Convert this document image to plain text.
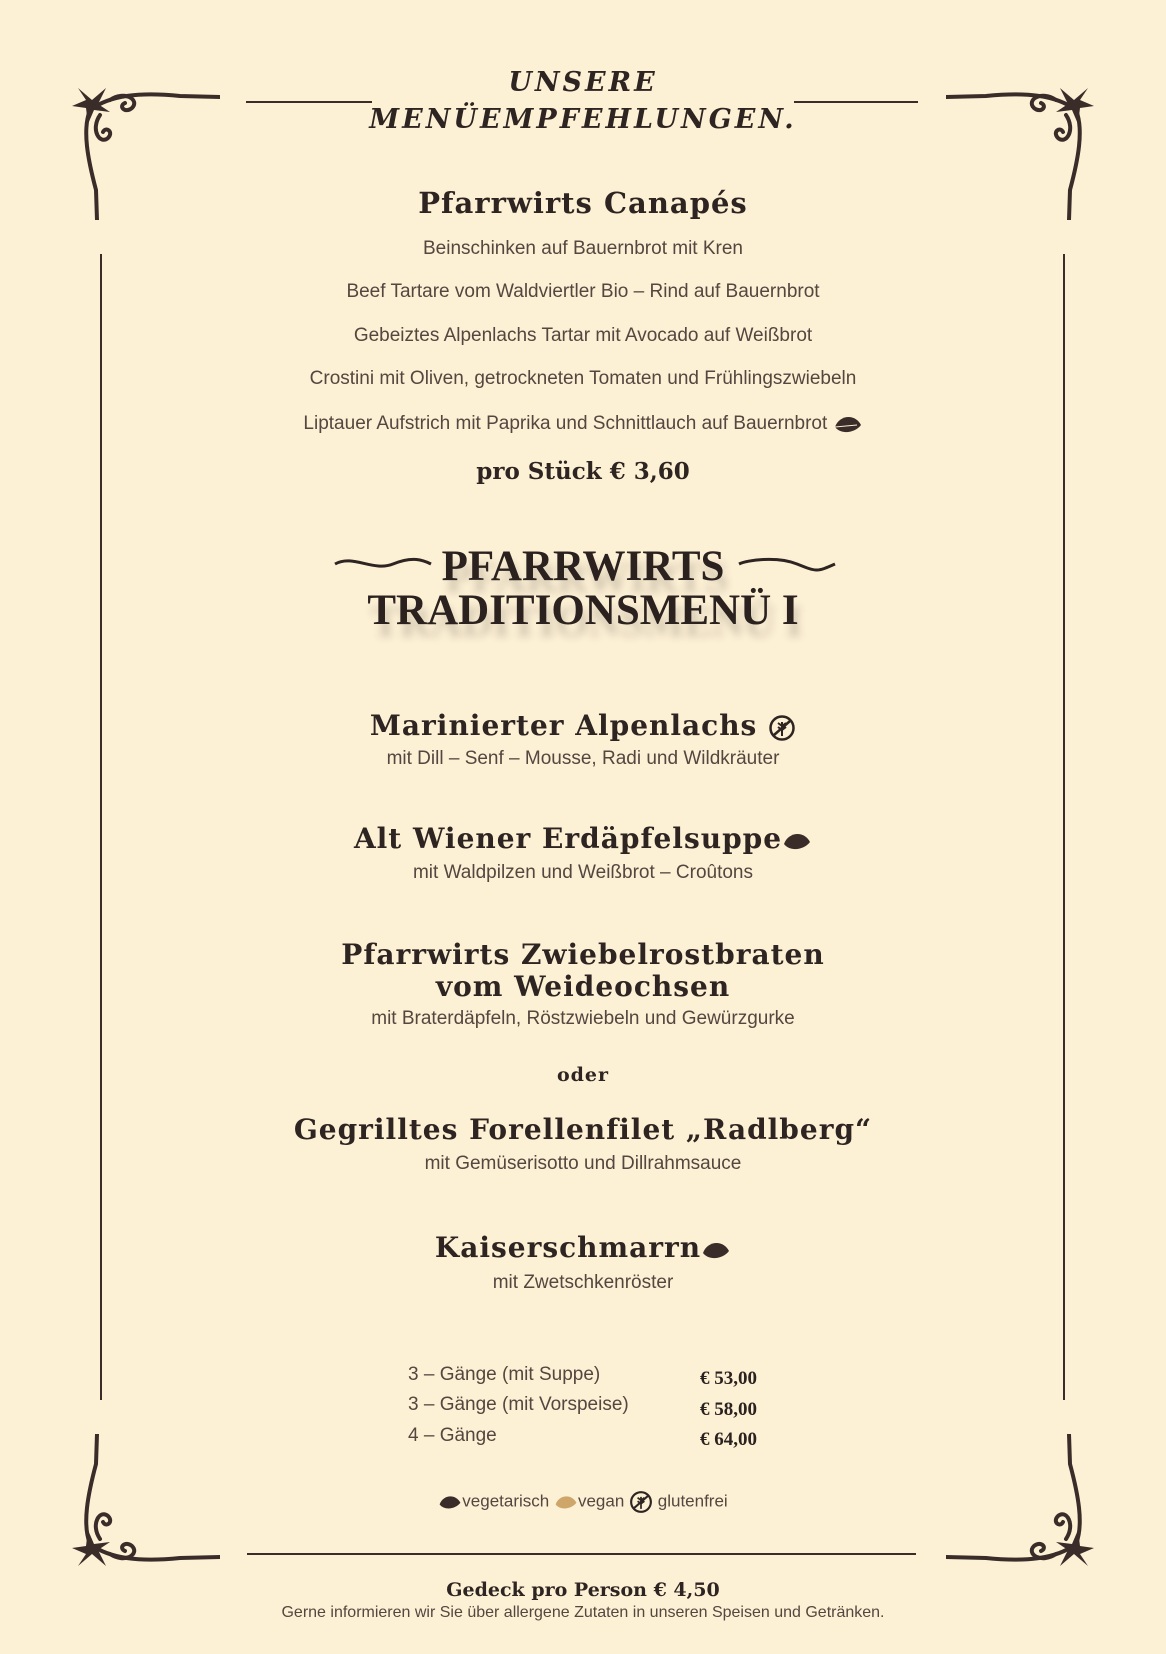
UNSERE
MENÜEMPFEHLUNGEN.
Pfarrwirts Canapés
Beinschinken auf Bauernbrot mit Kren
Beef Tartare vom Waldviertler Bio – Rind auf Bauernbrot
Gebeiztes Alpenlachs Tartar mit Avocado auf Weißbrot
Crostini mit Oliven, getrockneten Tomaten und Frühlingszwiebeln
Liptauer Aufstrich mit Paprika und Schnittlauch auf Bauernbrot
pro Stück € 3,60
PFARRWIRTS
TRADITIONSMENÜ I
Marinierter Alpenlachs
mit Dill – Senf – Mousse, Radi und Wildkräuter
Alt Wiener Erdäpfelsuppe
mit Waldpilzen und Weißbrot – Croûtons
Pfarrwirts Zwiebelrostbraten
vom Weideochsen
mit Braterdäpfeln, Röstzwiebeln und Gewürzgurke
oder
Gegrilltes Forellenfilet „Radlberg“
mit Gemüserisotto und Dillrahmsauce
Kaiserschmarrn
mit Zwetschkenröster
3 – Gänge (mit Suppe)	€ 53,00
3 – Gänge (mit Vorspeise)	€ 58,00
4 – Gänge	€ 64,00
vegetarisch vegan glutenfrei
Gedeck pro Person € 4,50
Gerne informieren wir Sie über allergene Zutaten in unseren Speisen und Getränken.
